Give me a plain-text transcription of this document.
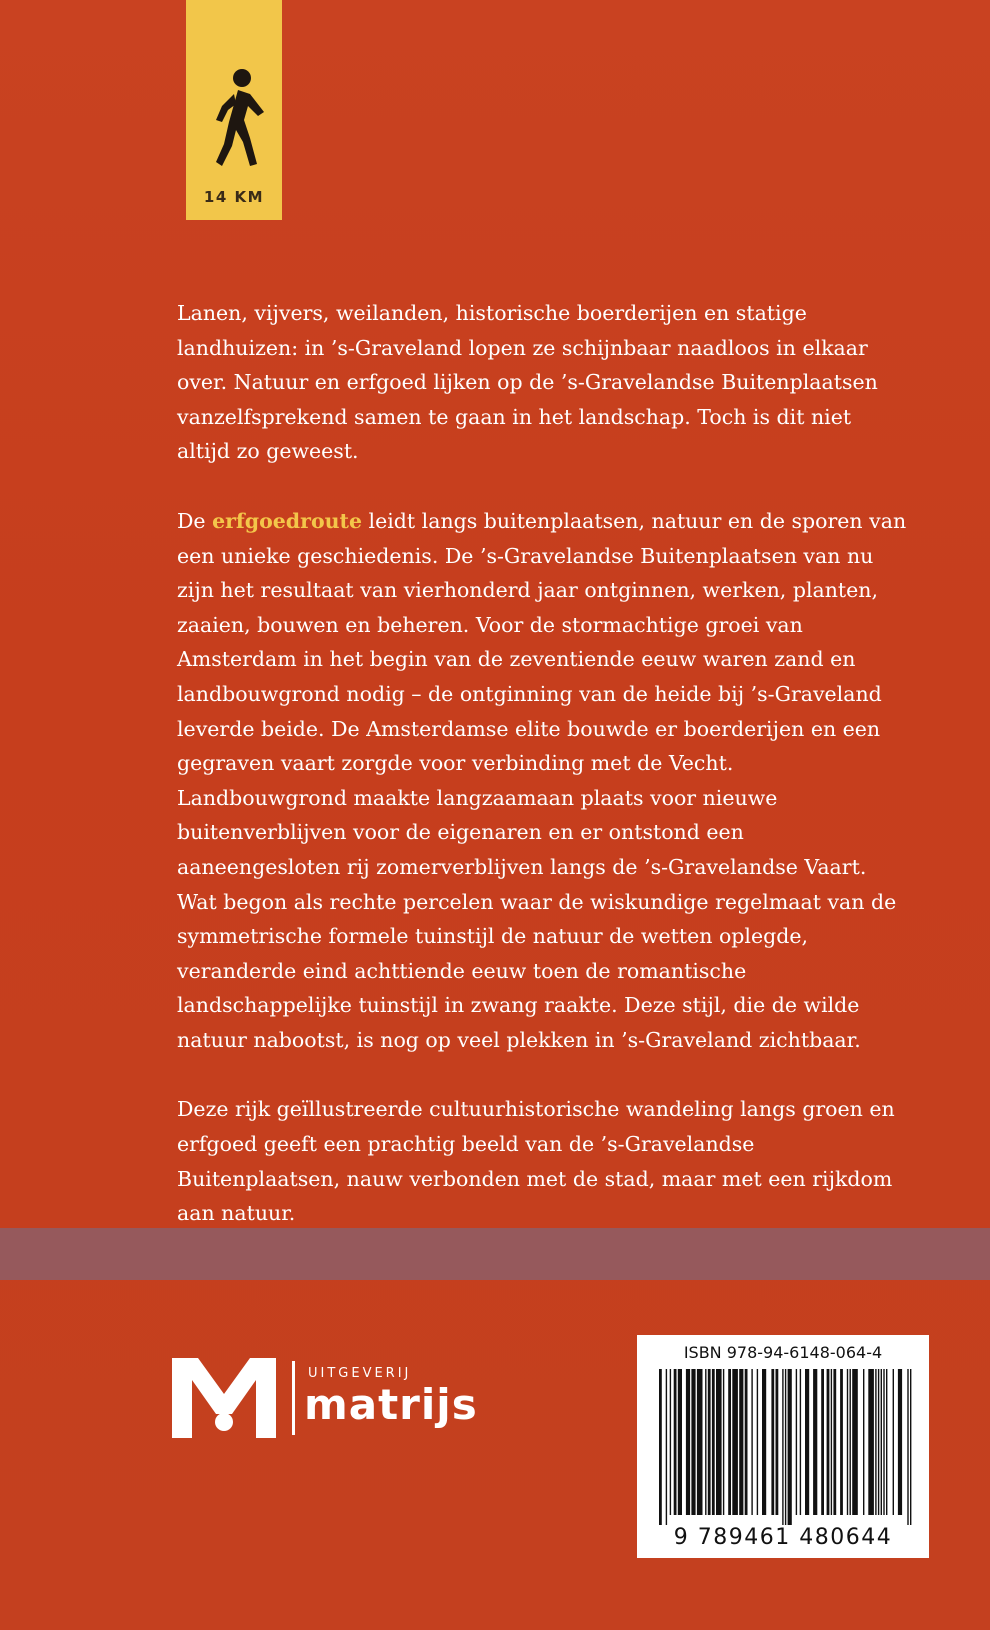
14 KM

Lanen, vijvers, weilanden, historische boerderijen en statige landhuizen: in ’s-Graveland lopen ze schijnbaar naadloos in elkaar over. Natuur en erfgoed lijken op de ’s-Gravelandse Buitenplaatsen vanzelfsprekend samen te gaan in het landschap. Toch is dit niet altijd zo geweest.

De erfgoedroute leidt langs buitenplaatsen, natuur en de sporen van een unieke geschiedenis. De ’s-Gravelandse Buitenplaatsen van nu zijn het resultaat van vierhonderd jaar ontginnen, werken, planten, zaaien, bouwen en beheren. Voor de stormachtige groei van Amsterdam in het begin van de zeventiende eeuw waren zand en landbouwgrond nodig – de ontginning van de heide bij ’s-Graveland leverde beide. De Amsterdamse elite bouwde er boerderijen en een gegraven vaart zorgde voor verbinding met de Vecht. Landbouwgrond maakte langzaamaan plaats voor nieuwe buitenverblijven voor de eigenaren en er ontstond een aaneengesloten rij zomerverblijven langs de ’s-Gravelandse Vaart. Wat begon als rechte percelen waar de wiskundige regelmaat van de symmetrische formele tuinstijl de natuur de wetten oplegde, veranderde eind achttiende eeuw toen de romantische landschappelijke tuinstijl in zwang raakte. Deze stijl, die de wilde natuur nabootst, is nog op veel plekken in ’s-Graveland zichtbaar.

Deze rijk geïllustreerde cultuurhistorische wandeling langs groen en erfgoed geeft een prachtig beeld van de ’s-Gravelandse Buitenplaatsen, nauw verbonden met de stad, maar met een rijkdom aan natuur.

UITGEVERIJ
matrijs
ISBN 978-94-6148-064-4
9 789461 480644
